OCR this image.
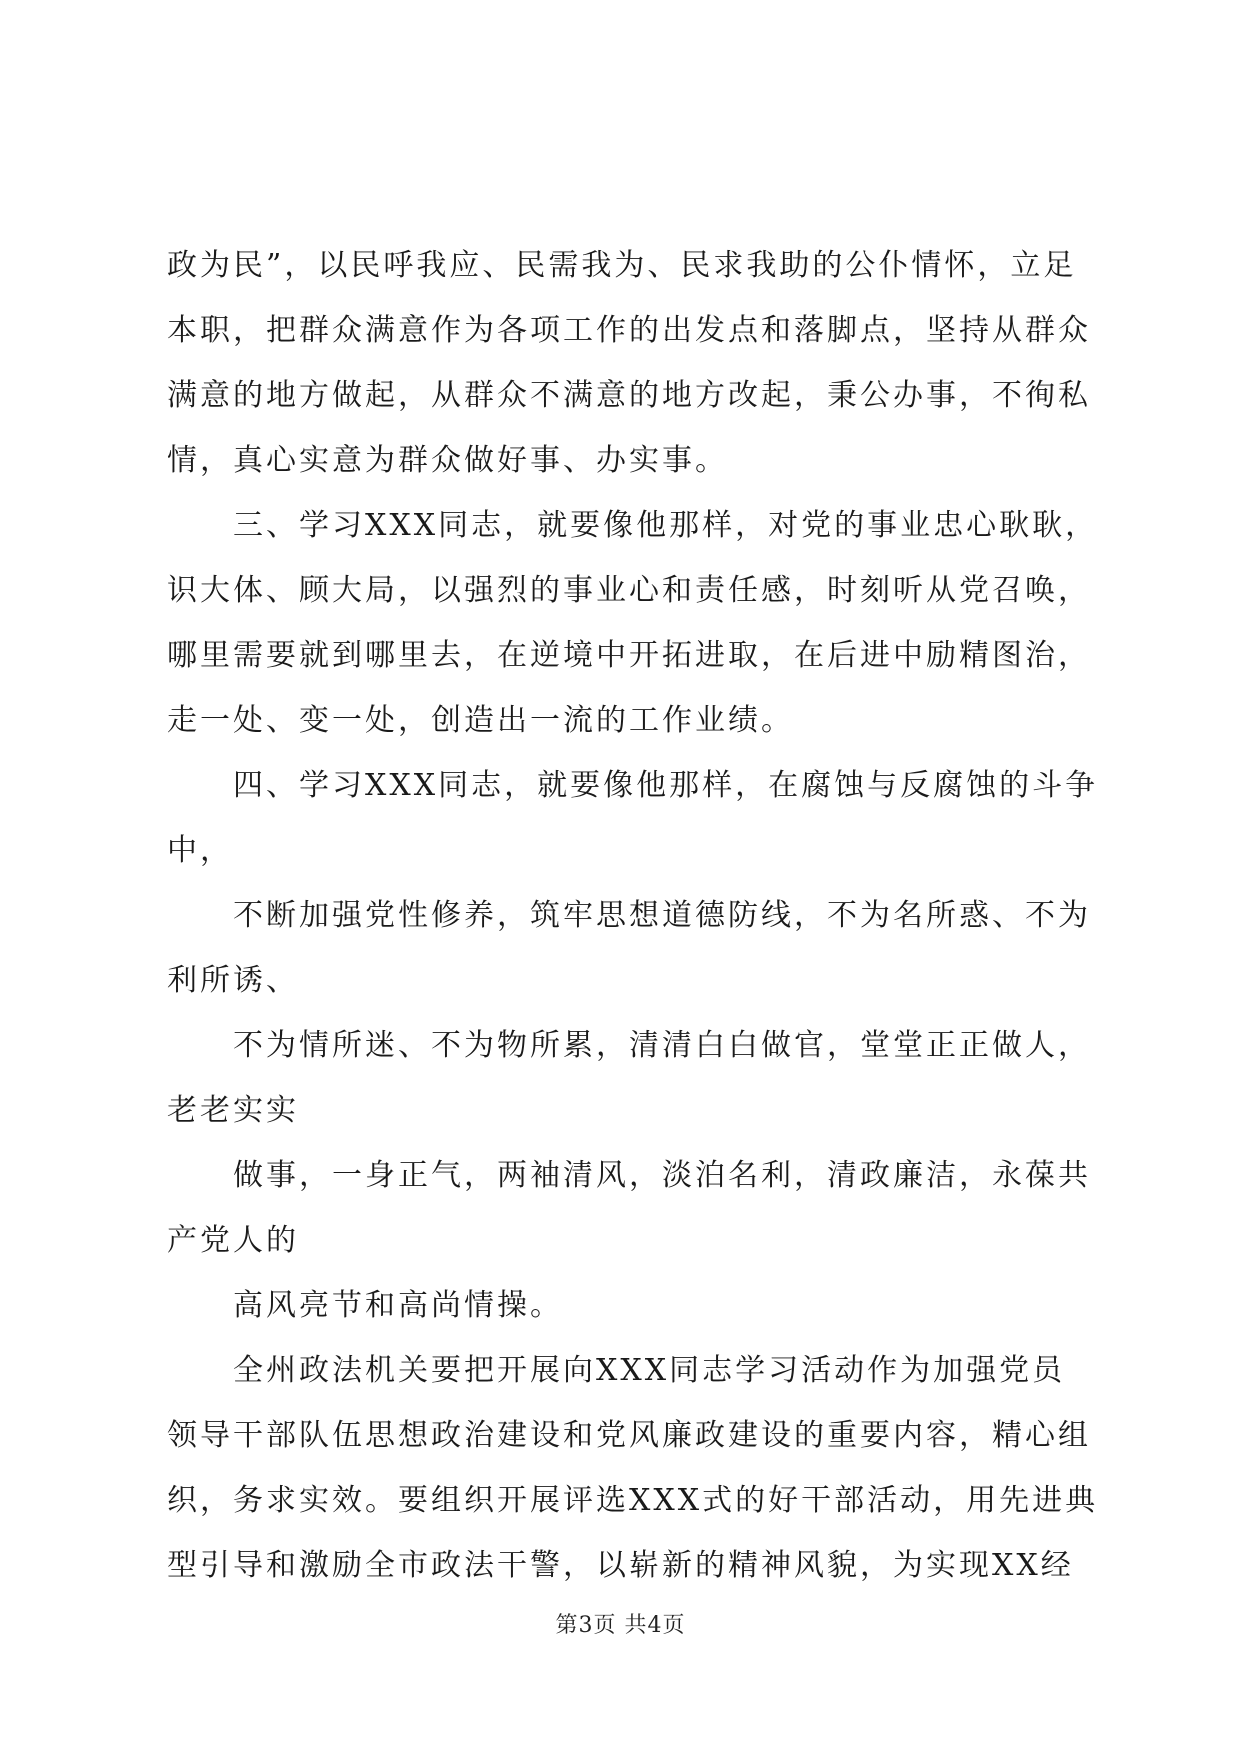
政为民”，以民呼我应、民需我为、民求我助的公仆情怀，立足
本职，把群众满意作为各项工作的出发点和落脚点，坚持从群众
满意的地方做起，从群众不满意的地方改起，秉公办事，不徇私
情，真心实意为群众做好事、办实事。
三、学习XXX同志，就要像他那样，对党的事业忠心耿耿，
识大体、顾大局，以强烈的事业心和责任感，时刻听从党召唤，
哪里需要就到哪里去，在逆境中开拓进取，在后进中励精图治，
走一处、变一处，创造出一流的工作业绩。
四、学习XXX同志，就要像他那样，在腐蚀与反腐蚀的斗争
中，
不断加强党性修养，筑牢思想道德防线，不为名所惑、不为
利所诱、
不为情所迷、不为物所累，清清白白做官，堂堂正正做人，
老老实实
做事，一身正气，两袖清风，淡泊名利，清政廉洁，永葆共
产党人的
高风亮节和高尚情操。
全州政法机关要把开展向XXX同志学习活动作为加强党员
领导干部队伍思想政治建设和党风廉政建设的重要内容，精心组
织，务求实效。要组织开展评选XXX式的好干部活动，用先进典
型引导和激励全市政法干警，以崭新的精神风貌，为实现XX经
第3页 共4页
